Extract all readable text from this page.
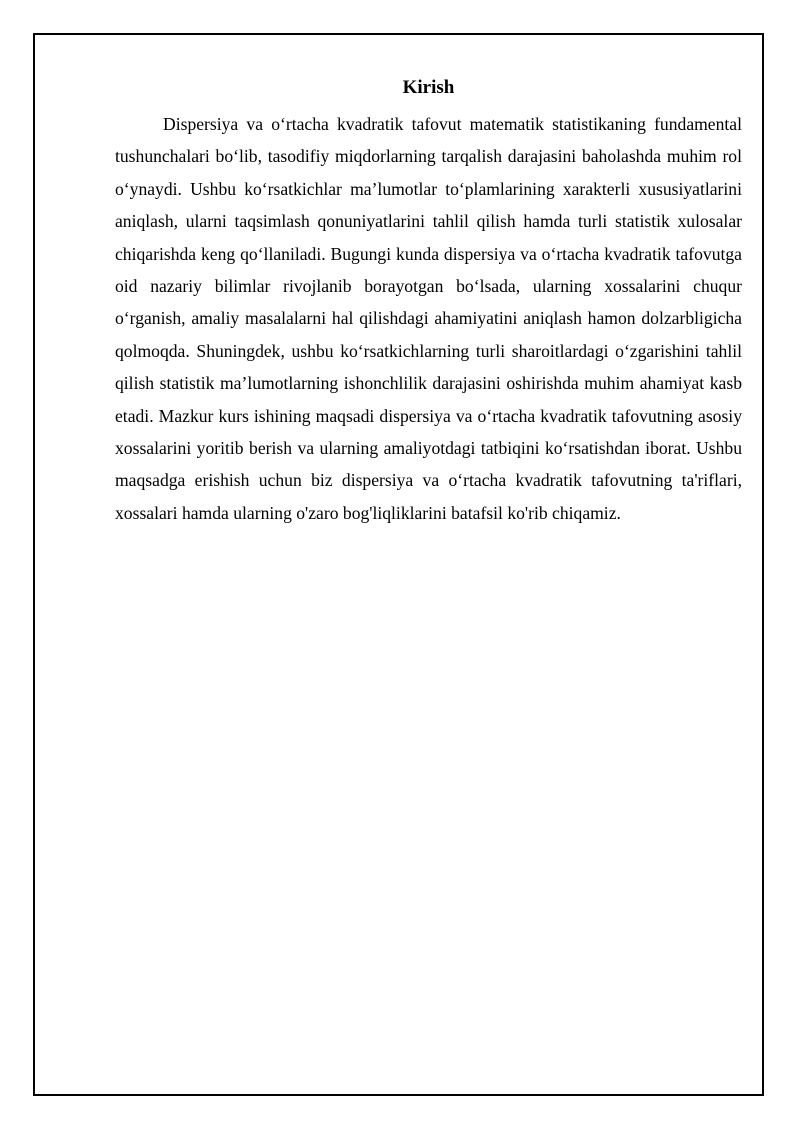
Kirish

Dispersiya va o‘rtacha kvadratik tafovut matematik statistikaning fundamental tushunchalari bo‘lib, tasodifiy miqdorlarning tarqalish darajasini baholashda muhim rol o‘ynaydi. Ushbu ko‘rsatkichlar ma’lumotlar to‘plamlarining xarakterli xususiyatlarini aniqlash, ularni taqsimlash qonuniyatlarini tahlil qilish hamda turli statistik xulosalar chiqarishda keng qo‘llaniladi. Bugungi kunda dispersiya va o‘rtacha kvadratik tafovutga oid nazariy bilimlar rivojlanib borayotgan bo‘lsada, ularning xossalarini chuqur o‘rganish, amaliy masalalarni hal qilishdagi ahamiyatini aniqlash hamon dolzarbligicha qolmoqda. Shuningdek, ushbu ko‘rsatkichlarning turli sharoitlardagi o‘zgarishini tahlil qilish statistik ma’lumotlarning ishonchlilik darajasini oshirishda muhim ahamiyat kasb etadi. Mazkur kurs ishining maqsadi dispersiya va o‘rtacha kvadratik tafovutning asosiy xossalarini yoritib berish va ularning amaliyotdagi tatbiqini ko‘rsatishdan iborat. Ushbu maqsadga erishish uchun biz dispersiya va o‘rtacha kvadratik tafovutning ta'riflari, xossalari hamda ularning o'zaro bog'liqliklarini batafsil ko'rib chiqamiz.
